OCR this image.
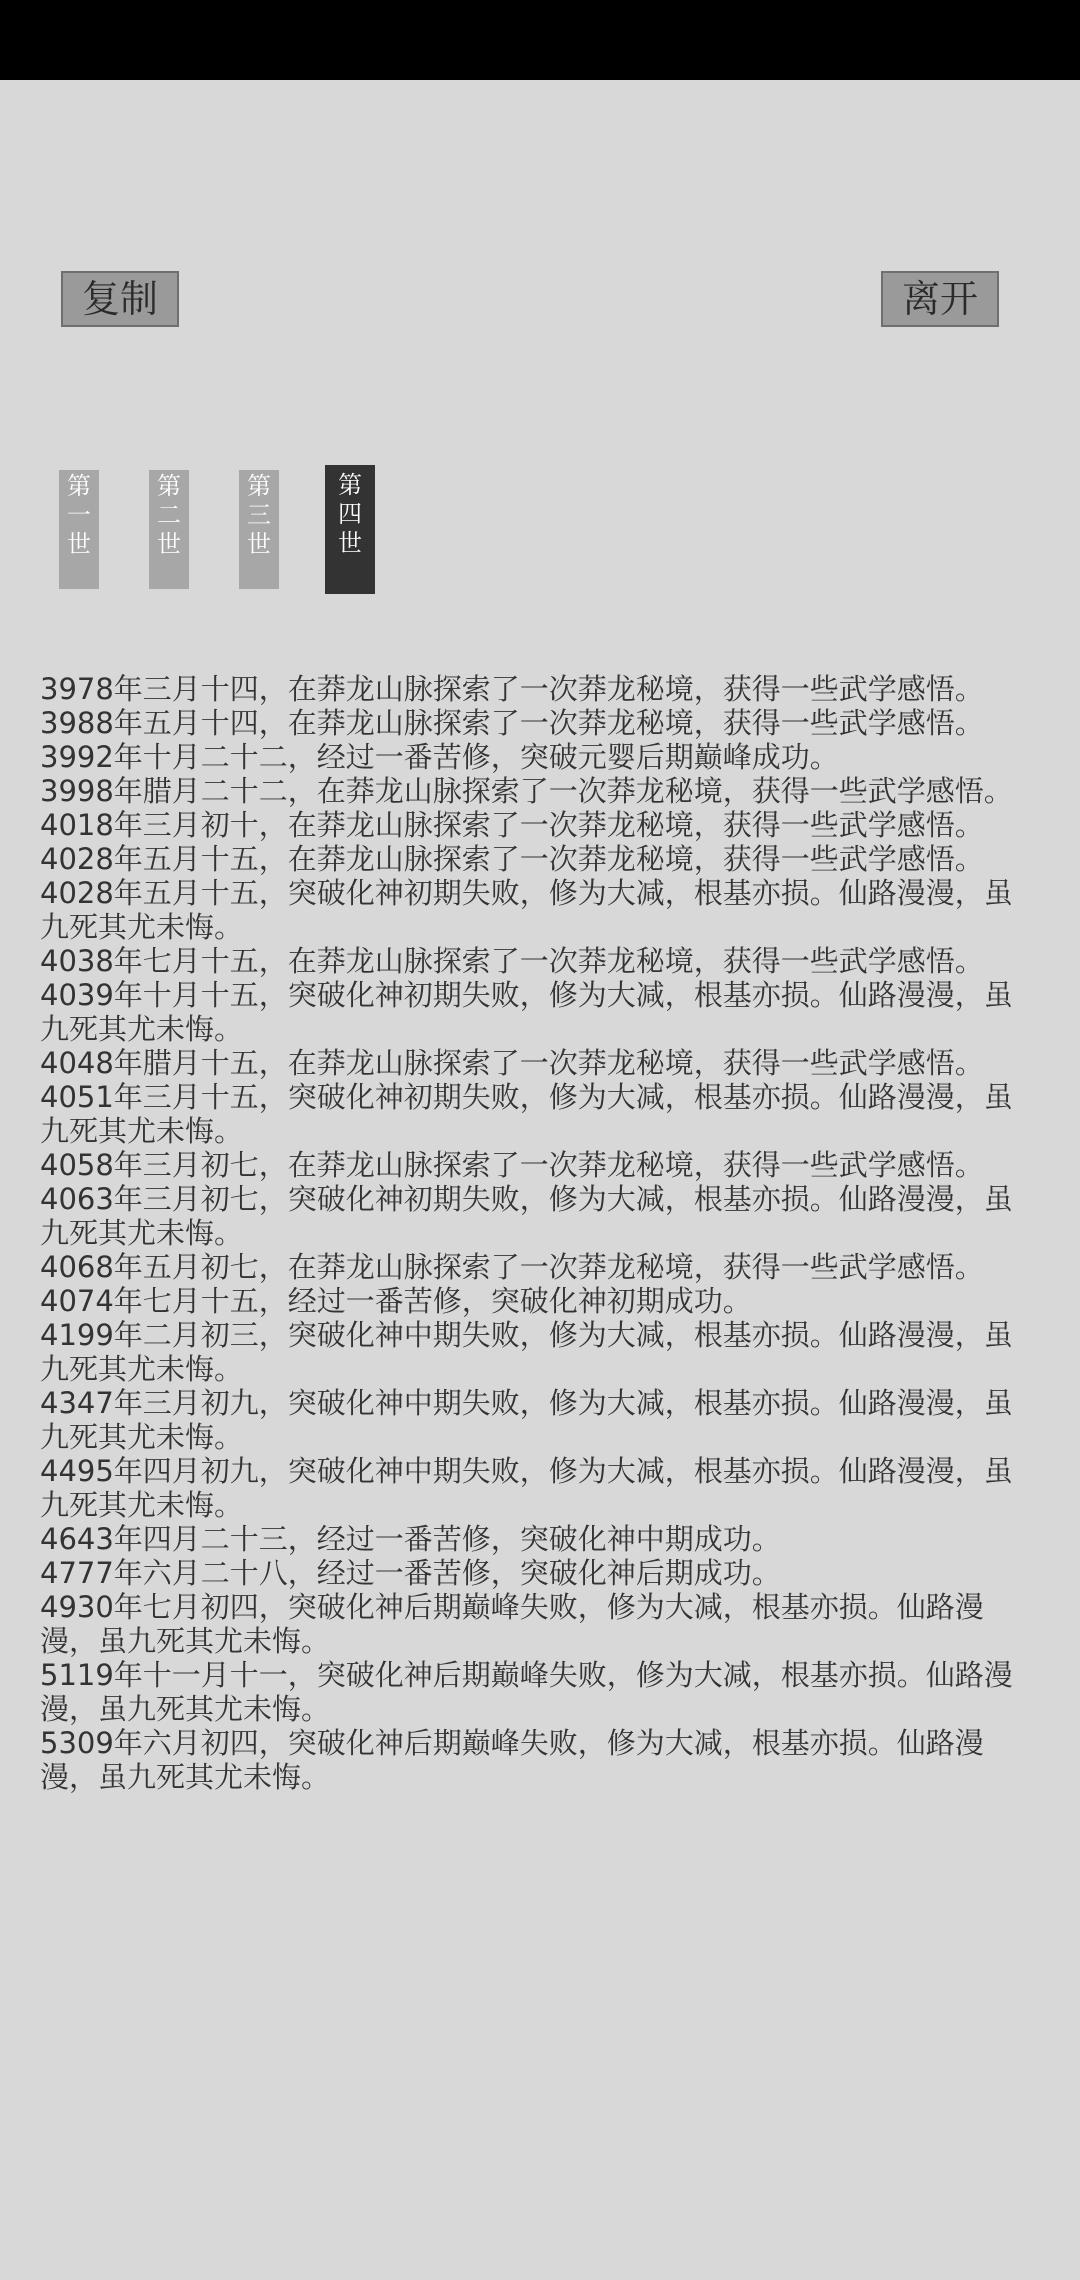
复制	离开
第
一
世
第
二
世
第
三
世
第
四
世
3978年三月十四，在莽龙山脉探索了一次莽龙秘境，获得一些武学感悟。
3988年五月十四，在莽龙山脉探索了一次莽龙秘境，获得一些武学感悟。
3992年十月二十二，经过一番苦修，突破元婴后期巅峰成功。
3998年腊月二十二，在莽龙山脉探索了一次莽龙秘境，获得一些武学感悟。
4018年三月初十，在莽龙山脉探索了一次莽龙秘境，获得一些武学感悟。
4028年五月十五，在莽龙山脉探索了一次莽龙秘境，获得一些武学感悟。
4028年五月十五，突破化神初期失败，修为大减，根基亦损。仙路漫漫，虽九死其尤未悔。
4038年七月十五，在莽龙山脉探索了一次莽龙秘境，获得一些武学感悟。
4039年十月十五，突破化神初期失败，修为大减，根基亦损。仙路漫漫，虽九死其尤未悔。
4048年腊月十五，在莽龙山脉探索了一次莽龙秘境，获得一些武学感悟。
4051年三月十五，突破化神初期失败，修为大减，根基亦损。仙路漫漫，虽九死其尤未悔。
4058年三月初七，在莽龙山脉探索了一次莽龙秘境，获得一些武学感悟。
4063年三月初七，突破化神初期失败，修为大减，根基亦损。仙路漫漫，虽九死其尤未悔。
4068年五月初七，在莽龙山脉探索了一次莽龙秘境，获得一些武学感悟。
4074年七月十五，经过一番苦修，突破化神初期成功。
4199年二月初三，突破化神中期失败，修为大减，根基亦损。仙路漫漫，虽九死其尤未悔。
4347年三月初九，突破化神中期失败，修为大减，根基亦损。仙路漫漫，虽九死其尤未悔。
4495年四月初九，突破化神中期失败，修为大减，根基亦损。仙路漫漫，虽九死其尤未悔。
4643年四月二十三，经过一番苦修，突破化神中期成功。
4777年六月二十八，经过一番苦修，突破化神后期成功。
4930年七月初四，突破化神后期巅峰失败，修为大减，根基亦损。仙路漫漫，虽九死其尤未悔。
5119年十一月十一，突破化神后期巅峰失败，修为大减，根基亦损。仙路漫漫，虽九死其尤未悔。
5309年六月初四，突破化神后期巅峰失败，修为大减，根基亦损。仙路漫漫，虽九死其尤未悔。
